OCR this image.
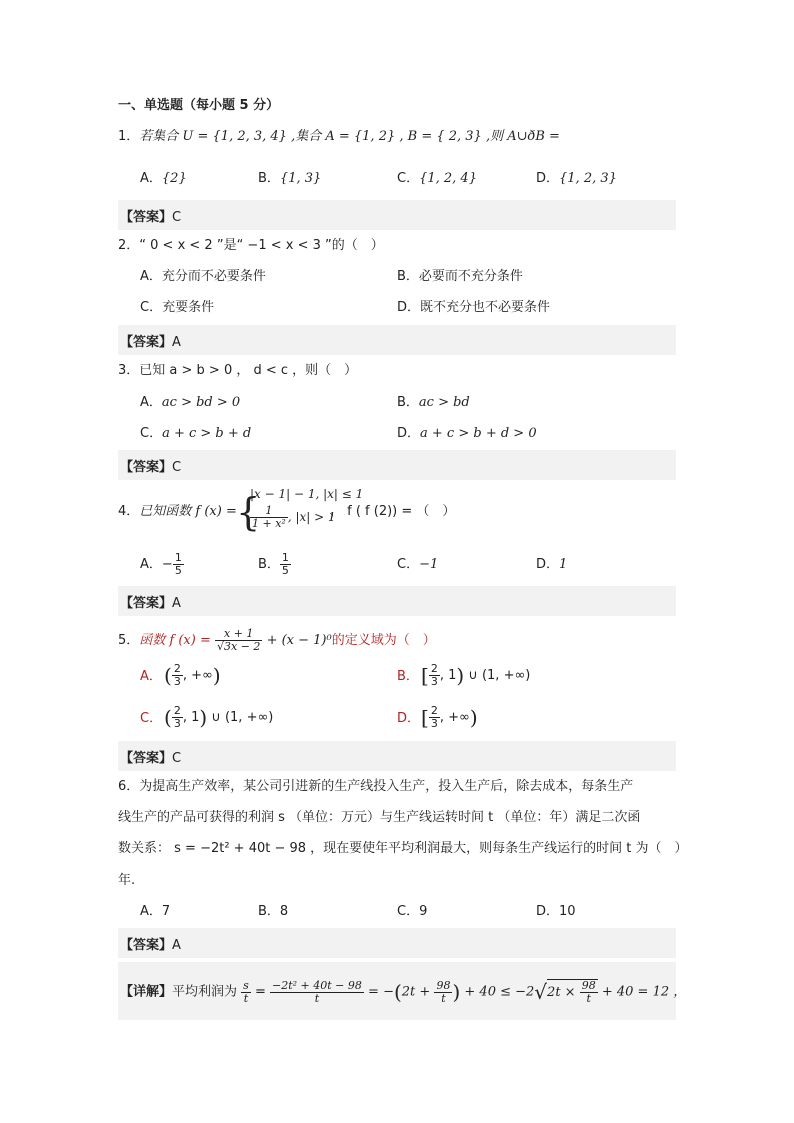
一、单选题（每小题 5 分）
1．若集合 U = {1, 2, 3, 4} ,集合 A = {1, 2} , B = { 2, 3} ,则 A∪ðB =
A．{2}	B．{1, 3}	C．{1, 2, 4}	D．{1, 2, 3}
【答案】C
2．“ 0 < x < 2 ”是“ −1 < x < 3 ”的（　）
A．充分而不必要条件	B．必要而不充分条件
C．充要条件	D．既不充分也不必要条件
【答案】A
3．已知 a > b > 0 ， d < c ，则（　）
A．ac > bd > 0	B．ac > bd
C．a + c > b + d	D．a + c > b + d > 0
【答案】C
4．已知函数 f (x) = {
|x − 1| − 1, |x| ≤ 1
$\frac{1}{\text{1 + x²}}$ , |x| > 1
， f ( f (2)) = （　）
A．− $\frac{1}{5}$	B． $\frac{1}{5}$	C．−1	D．1
【答案】A
5．函数 f $(x) = \frac{x + 1}{√3x - 2} + (x - 1)^0$的定义域为（　）
A． ( $\frac{2}{3}$ , +∞)	B． [ $\frac{2}{3}$ , 1) ∪ (1, +∞)
C． ( $\frac{2}{3}$ , 1) ∪ (1, +∞)	D． [ $\frac{2}{3}$ , +∞)
【答案】C
6．为提高生产效率，某公司引进新的生产线投入生产，投入生产后，除去成本，每条生产
线生产的产品可获得的利润 s （单位：万元）与生产线运转时间 t （单位：年）满足二次函
数关系： s = −2t² + 40t − 98 ，现在要使年平均利润最大，则每条生产线运行的时间 t 为（　）
年.
A．7	B．8	C．9	D．10
【答案】A
【详解】平均利润为 $\frac{s}{t} = \frac{\text{−2t² + 40t − 98}}{t} = -(2t + \frac{98}{t}$ ) + $40 \le -2√2t \times \frac{98}{t} + 40 = 12$ ，
